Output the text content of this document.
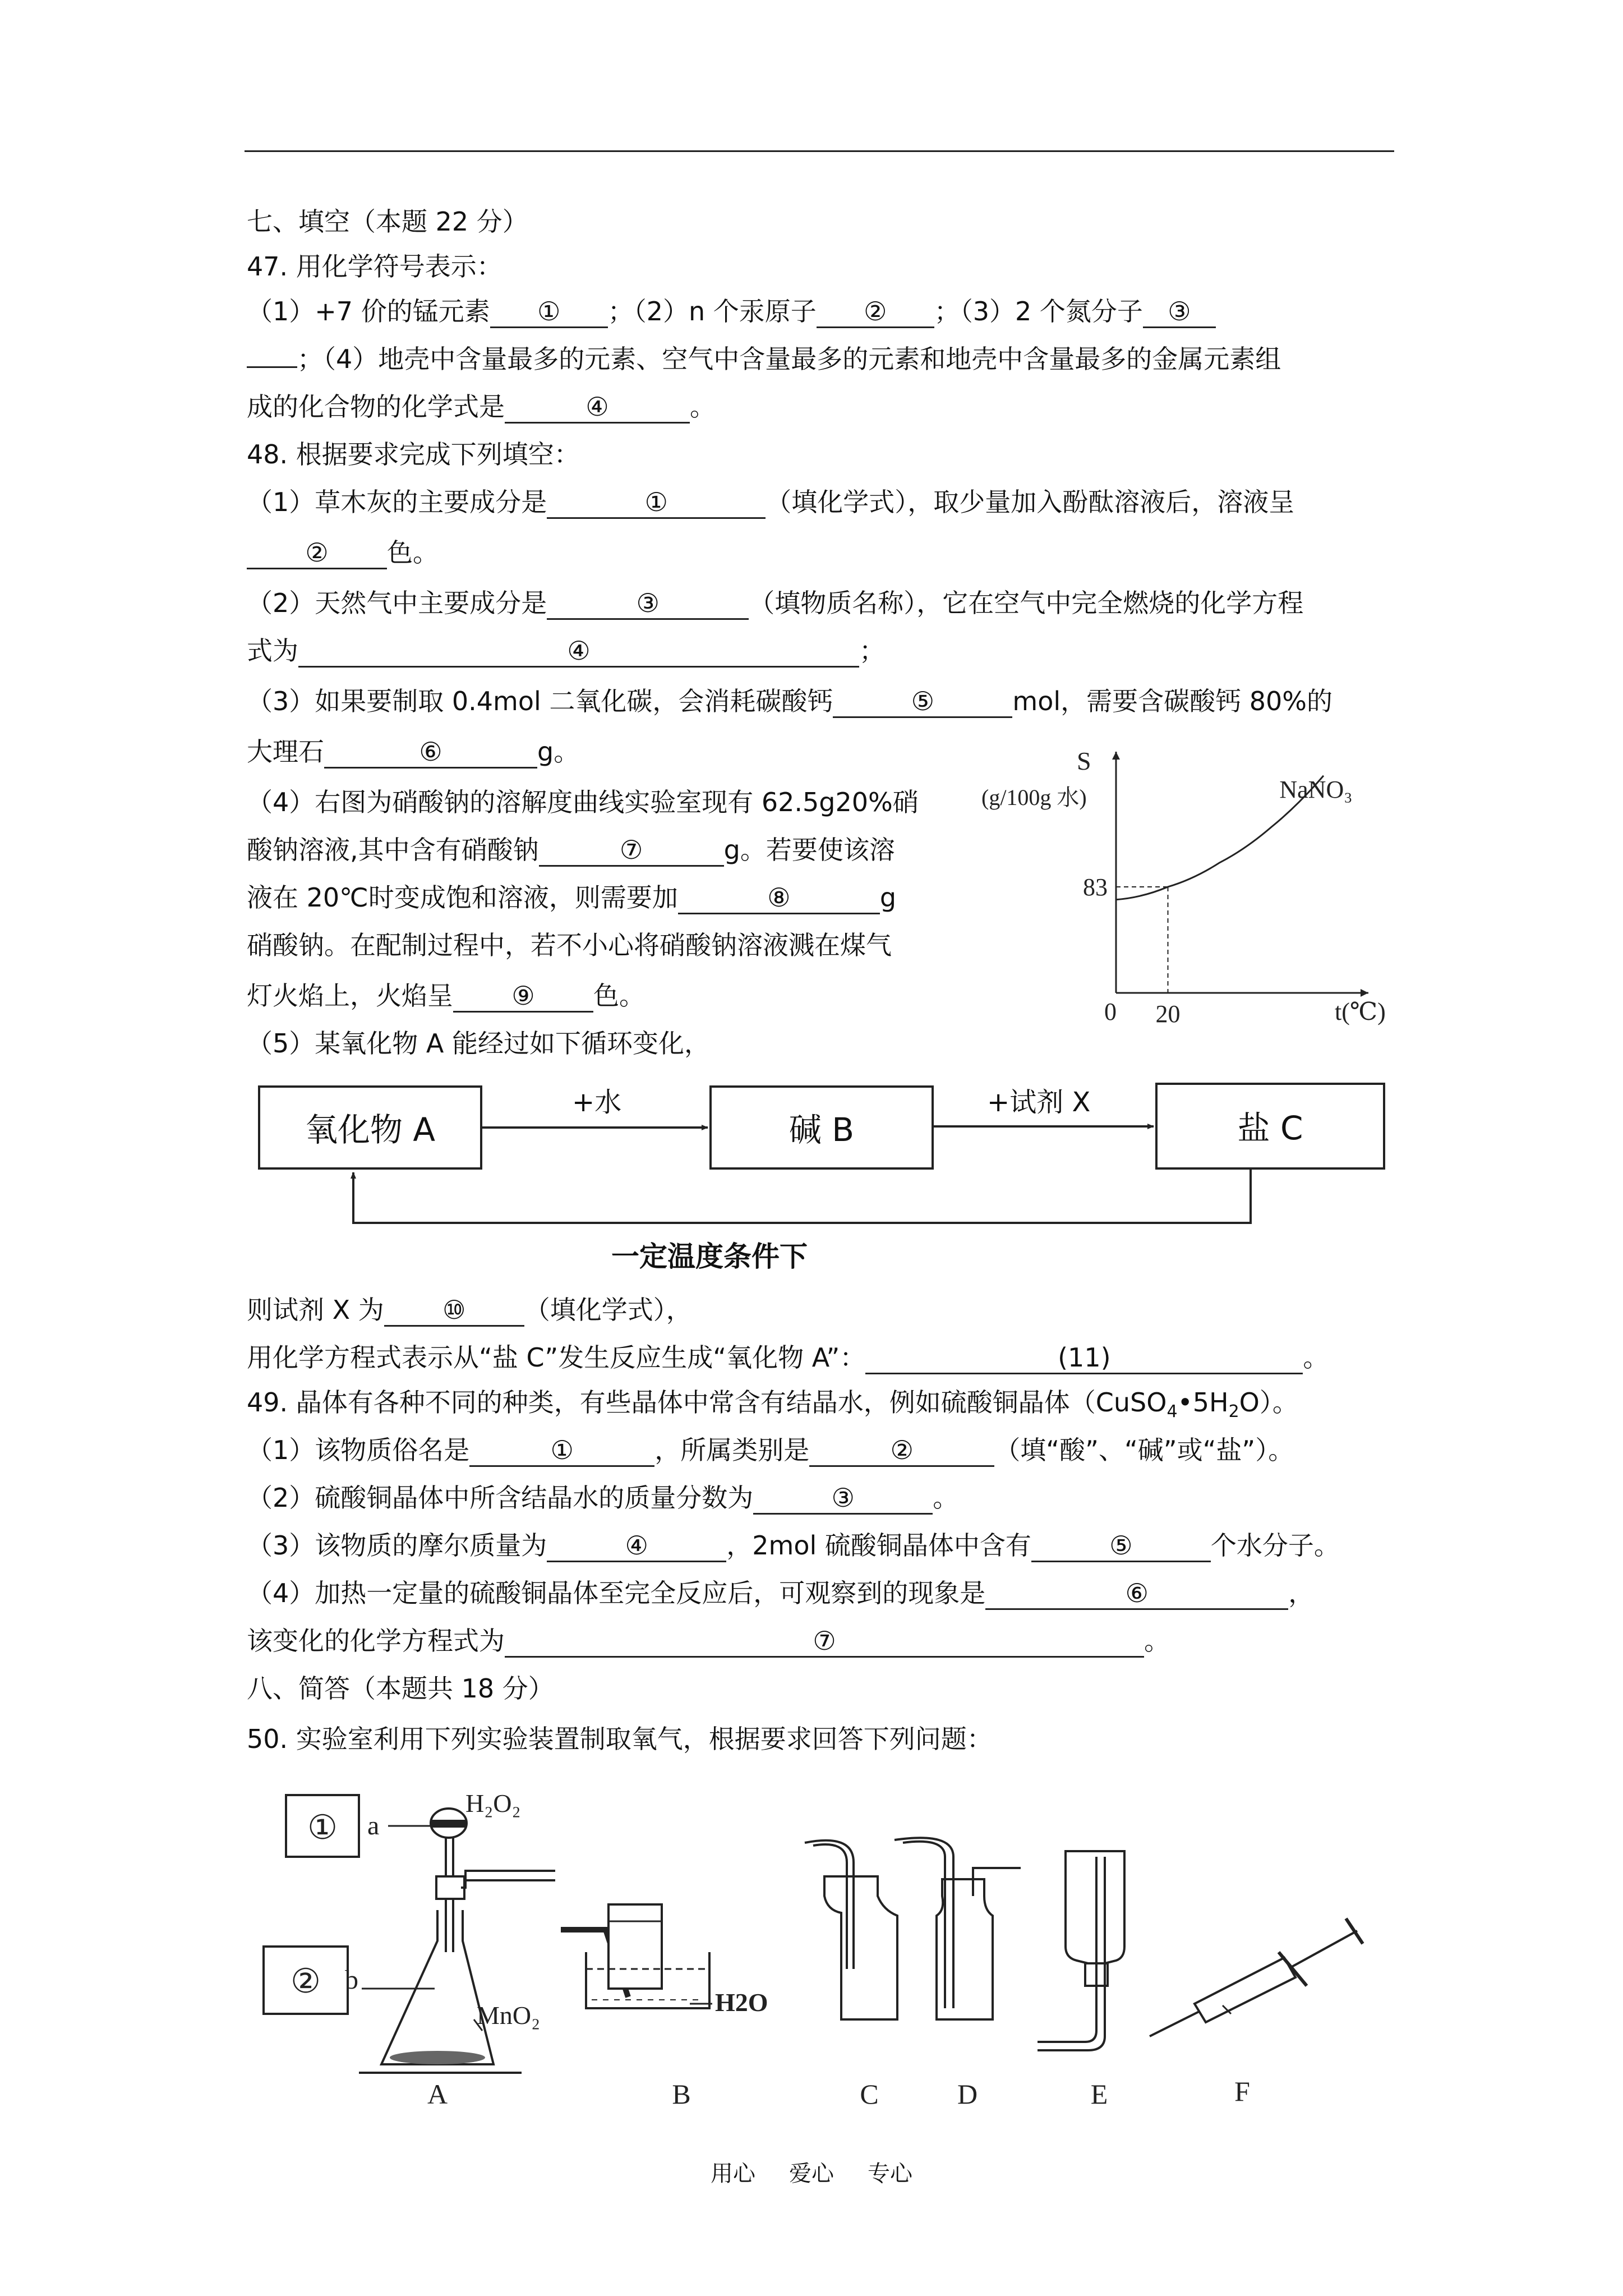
七、填空（本题 22 分）
47. 用化学符号表示：
（1）+7 价的锰元素 ① ；（2）n 个汞原子 ② ；（3）2 个氮分子 ③
；（4）地壳中含量最多的元素、空气中含量最多的元素和地壳中含量最多的金属元素组
成的化合物的化学式是	④	。
48. 根据要求完成下列填空：
（1）草木灰的主要成分是	①	（填化学式），取少量加入酚酞溶液后，溶液呈
② 色。
（2）天然气中主要成分是	③	（填物质名称），它在空气中完全燃烧的化学方程
式为	④	；
（3）如果要制取 0.4mol 二氧化碳，会消耗碳酸钙	⑤	mol，需要含碳酸钙 80%的
大理石	⑥	g。
（4）右图为硝酸钠的溶解度曲线实验室现有 62.5g20%硝
酸钠溶液,其中含有硝酸钠	⑦	g。若要使该溶
液在 20℃时变成饱和溶液，则需要加	⑧	g
硝酸钠。在配制过程中，若不小心将硝酸钠溶液溅在煤气
灯火焰上，火焰呈 ⑨ 色。
S
(g/100g 水)
t(℃)
0 20
83
NaNO₃
（5）某氧化物 A 能经过如下循环变化，
氧化物 A	碱 B	盐 C
+水	+试剂 X
一定温度条件下
则试剂 X 为 ⑩ （填化学式），
用化学方程式表示从“盐 C”发生反应生成“氧化物 A”：	(11)	。
49. 晶体有各种不同的种类，有些晶体中常含有结晶水，例如硫酸铜晶体$(CuSO_4•5H_2O)$。
（1）该物质俗名是	①	，所属类别是	②	（填“酸”、“碱”或“盐”）。
（2）硫酸铜晶体中所含结晶水的质量分数为	③	。
（3）该物质的摩尔质量为	④	，2mol 硫酸铜晶体中含有	⑤	个水分子。
（4）加热一定量的硫酸铜晶体至完全反应后，可观察到的现象是	⑥	，
该变化的化学方程式为	⑦	。
八、简答（本题共 18 分）
50. 实验室利用下列实验装置制取氧气，根据要求回答下列问题：
①
②
a
b
H₂O₂
MnO₂
A
H2O
B	C	D	E	F
用心 爱心 专心
